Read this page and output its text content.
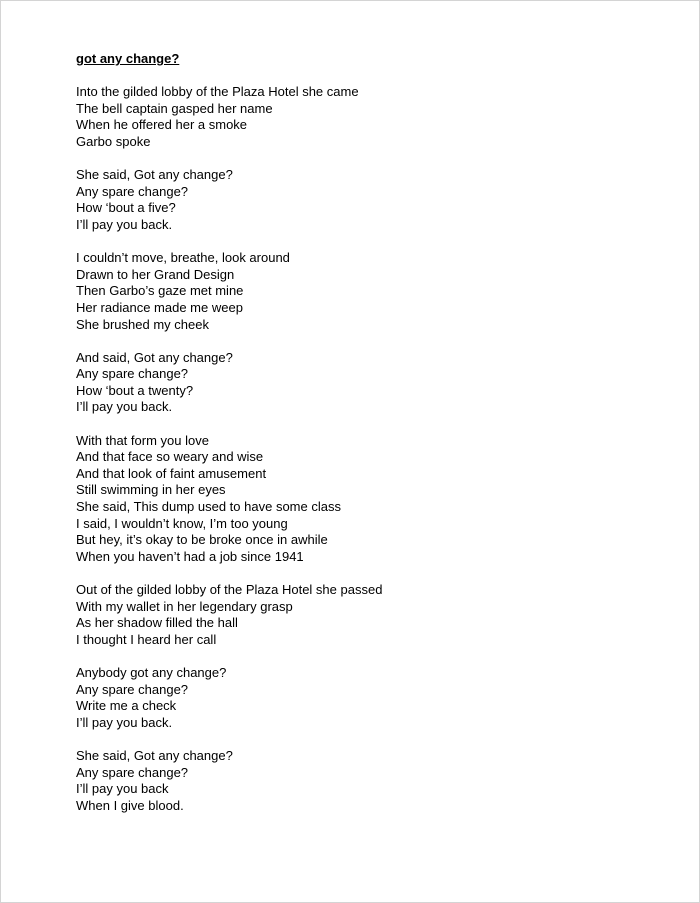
got any change?
Into the gilded lobby of the Plaza Hotel she came
The bell captain gasped her name
When he offered her a smoke
Garbo spoke
She said, Got any change?
Any spare change?
How ‘bout a five?
I’ll pay you back.
I couldn’t move, breathe, look around
Drawn to her Grand Design
Then Garbo’s gaze met mine
Her radiance made me weep
She brushed my cheek
And said, Got any change?
Any spare change?
How ‘bout a twenty?
I’ll pay you back.
With that form you love
And that face so weary and wise
And that look of faint amusement
Still swimming in her eyes
She said, This dump used to have some class
I said, I wouldn’t know, I’m too young
But hey, it’s okay to be broke once in awhile
When you haven’t had a job since 1941
Out of the gilded lobby of the Plaza Hotel she passed
With my wallet in her legendary grasp
As her shadow filled the hall
I thought I heard her call
Anybody got any change?
Any spare change?
Write me a check
I’ll pay you back.
She said, Got any change?
Any spare change?
I’ll pay you back
When I give blood.
